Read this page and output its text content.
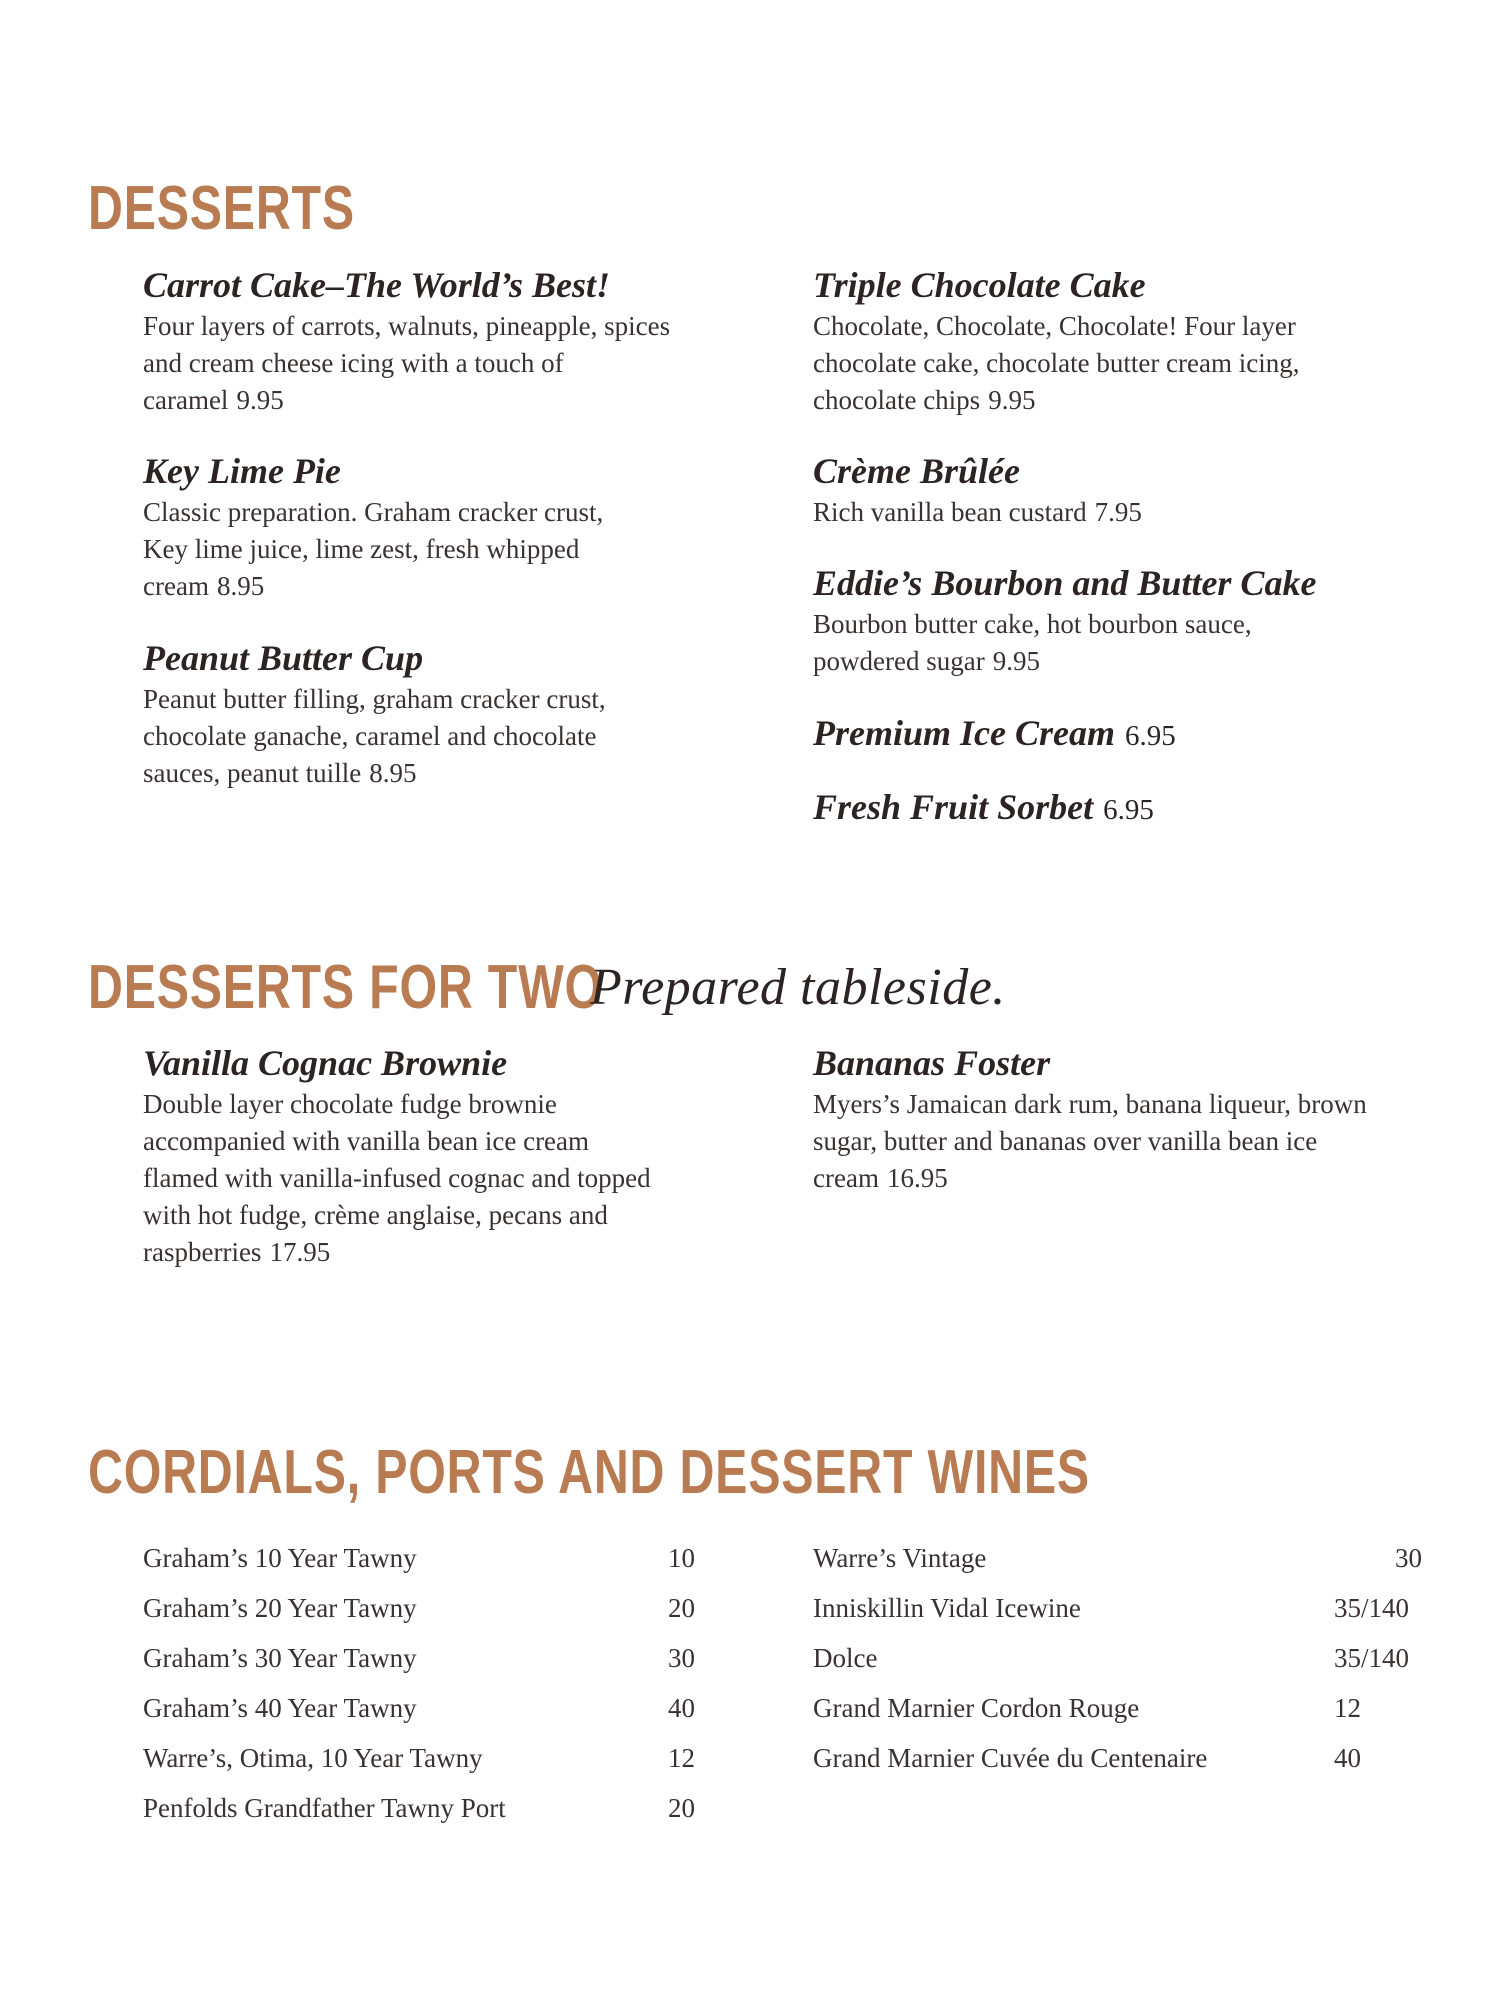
DESSERTS
Carrot Cake–The World’s Best!
Four layers of carrots, walnuts, pineapple, spices and cream cheese icing with a touch of caramel 9.95
Key Lime Pie
Classic preparation. Graham cracker crust, Key lime juice, lime zest, fresh whipped cream 8.95
Peanut Butter Cup
Peanut butter filling, graham cracker crust, chocolate ganache, caramel and chocolate sauces, peanut tuille 8.95
Triple Chocolate Cake
Chocolate, Chocolate, Chocolate! Four layer chocolate cake, chocolate butter cream icing, chocolate chips 9.95
Crème Brûlée
Rich vanilla bean custard 7.95
Eddie’s Bourbon and Butter Cake
Bourbon butter cake, hot bourbon sauce, powdered sugar 9.95
Premium Ice Cream 6.95
Fresh Fruit Sorbet 6.95
DESSERTS FOR TWO
Prepared tableside.
Vanilla Cognac Brownie
Double layer chocolate fudge brownie accompanied with vanilla bean ice cream flamed with vanilla-infused cognac and topped with hot fudge, crème anglaise, pecans and raspberries 17.95
Bananas Foster
Myers’s Jamaican dark rum, banana liqueur, brown sugar, butter and bananas over vanilla bean ice cream 16.95
CORDIALS, PORTS AND DESSERT WINES
Graham’s 10 Year Tawny	10
Graham’s 20 Year Tawny	20
Graham’s 30 Year Tawny	30
Graham’s 40 Year Tawny	40
Warre’s, Otima, 10 Year Tawny	12
Penfolds Grandfather Tawny Port	20
Warre’s Vintage	30
Inniskillin Vidal Icewine	35/140
Dolce	35/140
Grand Marnier Cordon Rouge	12
Grand Marnier Cuvée du Centenaire	40
